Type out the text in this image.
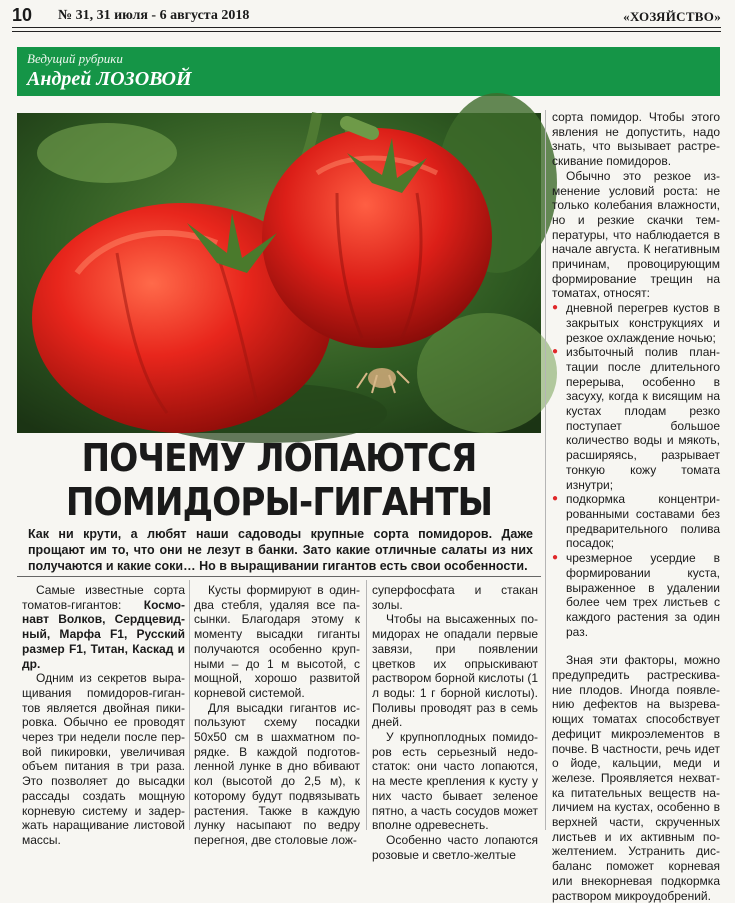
10 № 31, 31 июля - 6 августа 2018	«ХОЗЯЙСТВО»
Ведущий рубрики
Андрей ЛОЗОВОЙ
ПОЧЕМУ ЛОПАЮТСЯ
ПОМИДОРЫ-ГИГАНТЫ
Как ни крути, а любят наши садоводы крупные сорта помидоров. Даже прощают им то, что они не лезут в банки. Зато какие отличные салаты из них получаются и какие соки… Но в выращивании гигантов есть свои особенности.

Самые известные сорта томатов-гигантов: Космонавт Волков, Сердцевидный, Марфа F1, Русский размер F1, Титан, Каскад и др.

Одним из секретов выращивания помидоров-гигантов является двойная пикировка. Обычно ее проводят через три недели после первой пикировки, увеличивая объем питания в три раза. Это позволяет до высадки рассады создать мощную корневую систему и задержать наращивание листовой массы.

Кусты формируют в одиндва стебля, удаляя все пасынки. Благодаря этому к моменту высадки гиганты получаются особенно крупными – до 1 м высотой, с мощной, хорошо развитой корневой системой.

Для высадки гигантов используют схему посадки 50х50 см в шахматном порядке. В каждой подготовленной лунке в дно вбивают кол (высотой до 2,5 м), к которому будут подвязывать растения. Также в каждую лунку насыпают по ведру перегноя, две столовые лож-

суперфосфата и стакан золы.

Чтобы на высаженных помидорах не опадали первые завязи, при появлении цветков их опрыскивают раствором борной кислоты (1 л воды: 1 г борной кислоты). Поливы проводят раз в семь дней.

У крупноплодных помидоров есть серьезный недостаток: они часто лопаются, на месте крепления к кусту у них часто бывает зеленое пятно, а часть сосудов может вполне одревеснеть.

Особенно часто лопаются розовые и светло-желтые

сорта помидор. Чтобы этого явления не допустить, надо знать, что вызывает растрескивание помидоров.

Обычно это резкое изменение условий роста: не только колебания влажности, но и резкие скачки температуры, что наблюдается в начале августа. К негативным причинам, провоцирующим формирование трещин на томатах, относят:

● дневной перегрев кустов в закрытых конструкциях и резкое охлаждение ночью;

● избыточный полив плантации после длительного перерыва, особенно в засуху, когда к висящим на кустах плодам резко поступает большое количество воды и мякоть, расширяясь, разрывает тонкую кожу томата изнутри;

● подкормка концентрированными составами без предварительного полива посадок;

● чрезмерное усердие в формировании куста, выраженное в удалении более чем трех листьев с каждого растения за один раз.

Зная эти факторы, можно предупредить растрескивание плодов. Иногда появлению дефектов на вызревающих томатах способствует дефицит микроэлементов в почве. В частности, речь идет о йоде, кальции, меди и железе. Проявляется нехватка питательных веществ наличием на кустах, особенно в верхней части, скрученных листьев и их активным пожелтением. Устранить дисбаланс поможет корневая или внекорневая подкормка раствором микроудобрений.
